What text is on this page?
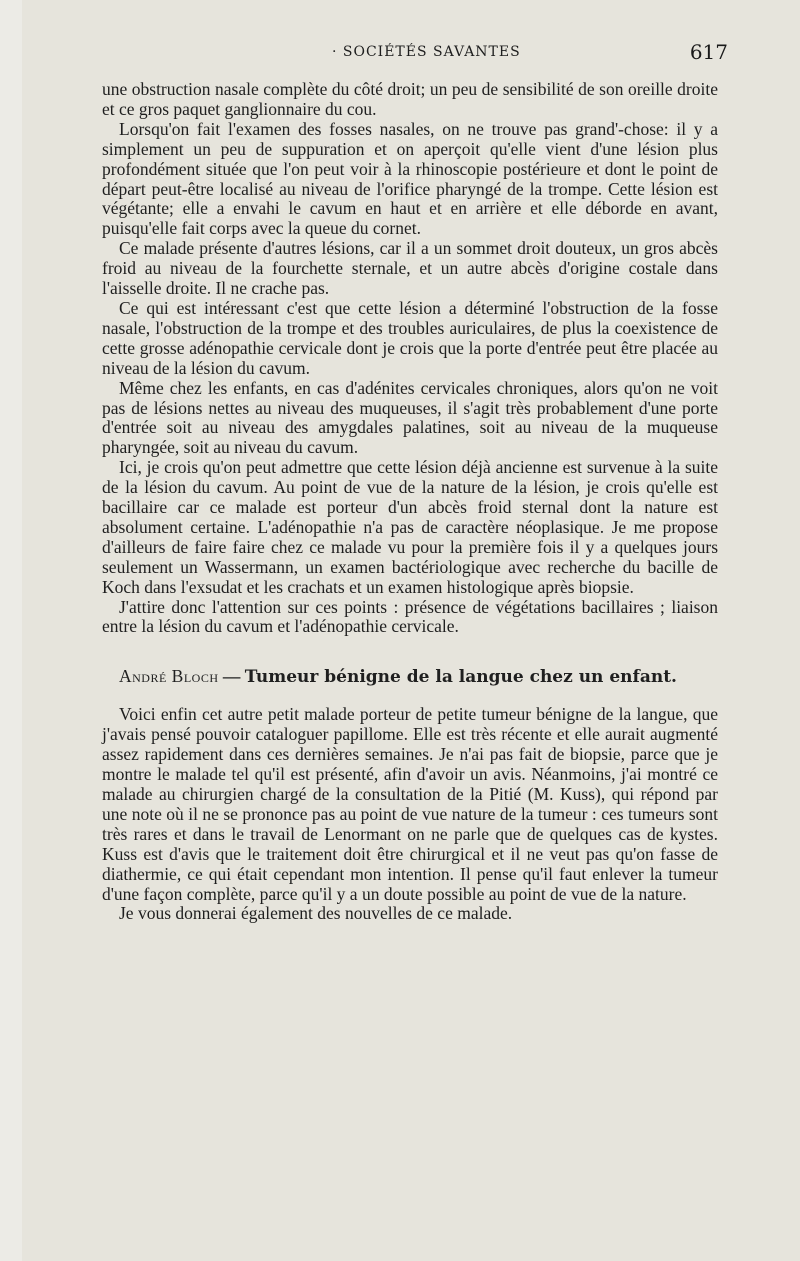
· SOCIÉTÉS SAVANTES	617

une obstruction nasale complète du côté droit; un peu de sensibilité de son oreille droite et ce gros paquet ganglionnaire du cou.

Lorsqu'on fait l'examen des fosses nasales, on ne trouve pas grand'-chose: il y a simplement un peu de suppuration et on aperçoit qu'elle vient d'une lésion plus profondément située que l'on peut voir à la rhinoscopie postérieure et dont le point de départ peut-être localisé au niveau de l'orifice pharyngé de la trompe. Cette lésion est végétante; elle a envahi le cavum en haut et en arrière et elle déborde en avant, puisqu'elle fait corps avec la queue du cornet.

Ce malade présente d'autres lésions, car il a un sommet droit douteux, un gros abcès froid au niveau de la fourchette sternale, et un autre abcès d'origine costale dans l'aisselle droite. Il ne crache pas.

Ce qui est intéressant c'est que cette lésion a déterminé l'obstruction de la fosse nasale, l'obstruction de la trompe et des troubles auriculaires, de plus la coexistence de cette grosse adénopathie cervicale dont je crois que la porte d'entrée peut être placée au niveau de la lésion du cavum.

Même chez les enfants, en cas d'adénites cervicales chroniques, alors qu'on ne voit pas de lésions nettes au niveau des muqueuses, il s'agit très probablement d'une porte d'entrée soit au niveau des amygdales palatines, soit au niveau de la muqueuse pharyngée, soit au niveau du cavum.

Ici, je crois qu'on peut admettre que cette lésion déjà ancienne est survenue à la suite de la lésion du cavum. Au point de vue de la nature de la lésion, je crois qu'elle est bacillaire car ce malade est porteur d'un abcès froid sternal dont la nature est absolument certaine. L'adénopathie n'a pas de caractère néoplasique. Je me propose d'ailleurs de faire faire chez ce malade vu pour la première fois il y a quelques jours seulement un Wassermann, un examen bactériologique avec recherche du bacille de Koch dans l'exsudat et les crachats et un examen histologique après biopsie.

J'attire donc l'attention sur ces points : présence de végétations bacillaires ; liaison entre la lésion du cavum et l'adénopathie cervicale.

André Bloch — Tumeur bénigne de la langue chez un enfant.

Voici enfin cet autre petit malade porteur de petite tumeur bénigne de la langue, que j'avais pensé pouvoir cataloguer papillome. Elle est très récente et elle aurait augmenté assez rapidement dans ces dernières semaines. Je n'ai pas fait de biopsie, parce que je montre le malade tel qu'il est présenté, afin d'avoir un avis. Néanmoins, j'ai montré ce malade au chirurgien chargé de la consultation de la Pitié (M. Kuss), qui répond par une note où il ne se prononce pas au point de vue nature de la tumeur : ces tumeurs sont très rares et dans le travail de Lenormant on ne parle que de quelques cas de kystes. Kuss est d'avis que le traitement doit être chirurgical et il ne veut pas qu'on fasse de diathermie, ce qui était cependant mon intention. Il pense qu'il faut enlever la tumeur d'une façon complète, parce qu'il y a un doute possible au point de vue de la nature.

Je vous donnerai également des nouvelles de ce malade.
